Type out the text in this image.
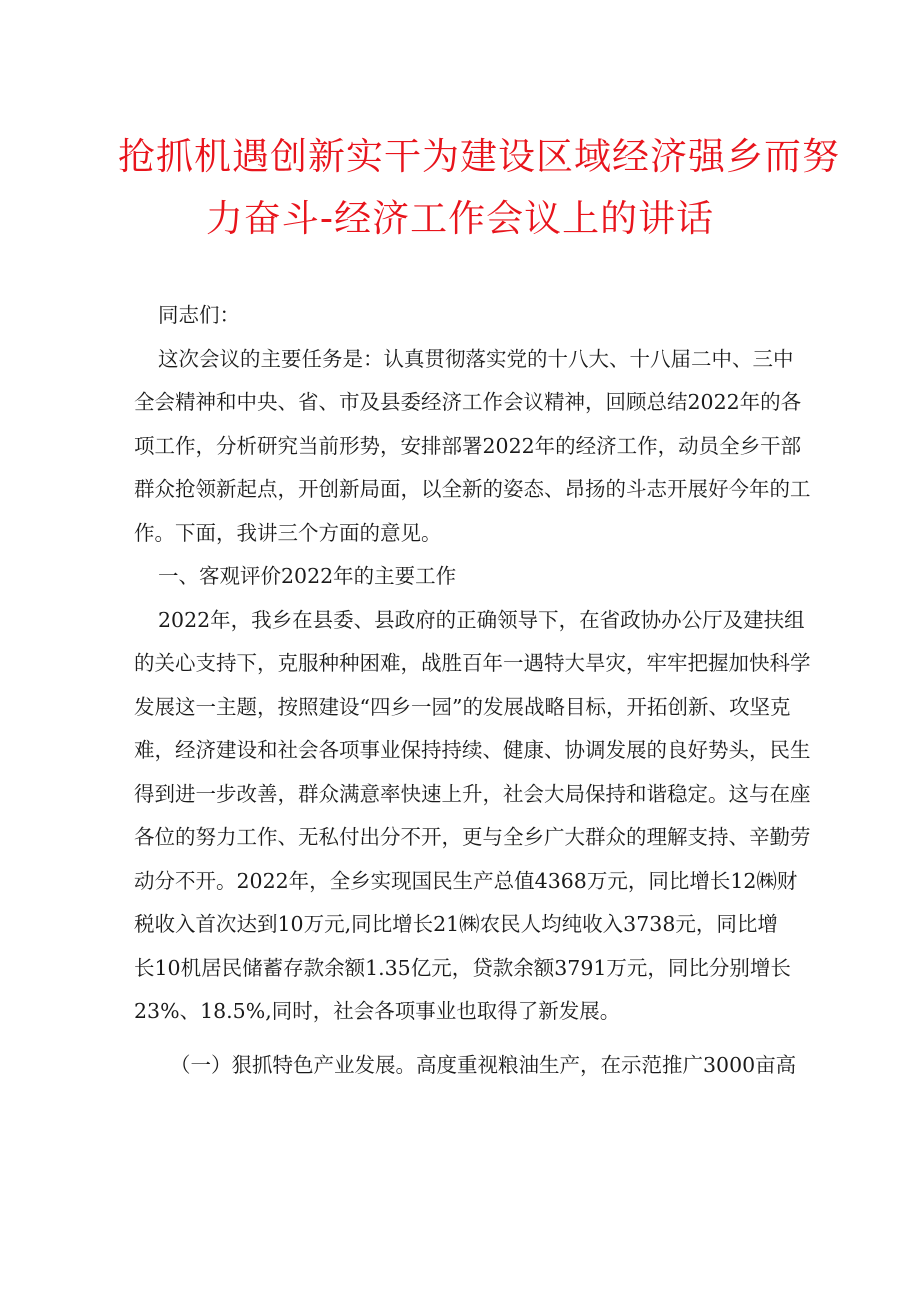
抢抓机遇创新实干为建设区域经济强乡而努
力奋斗-经济工作会议上的讲话

同志们：

这次会议的主要任务是：认真贯彻落实党的十八大、十八届二中、三中
全会精神和中央、省、市及县委经济工作会议精神，回顾总结2022年的各
项工作，分析研究当前形势，安排部署2022年的经济工作，动员全乡干部
群众抢领新起点，开创新局面，以全新的姿态、昂扬的斗志开展好今年的工
作。下面，我讲三个方面的意见。

一、客观评价2022年的主要工作

2022年，我乡在县委、县政府的正确领导下，在省政协办公厅及建扶组
的关心支持下，克服种种困难，战胜百年一遇特大旱灾，牢牢把握加快科学
发展这一主题，按照建设“四乡一园”的发展战略目标，开拓创新、攻坚克
难，经济建设和社会各项事业保持持续、健康、协调发展的良好势头，民生
得到进一步改善，群众满意率快速上升，社会大局保持和谐稳定。这与在座
各位的努力工作、无私付出分不开，更与全乡广大群众的理解支持、辛勤劳
动分不开。2022年，全乡实现国民生产总值4368万元，同比增长12㈱财
税收入首次达到10万元,同比增长21㈱农民人均纯收入3738元，同比增
长10机居民储蓄存款余额1.35亿元，贷款余额3791万元，同比分别增长
23%、18.5%,同时，社会各项事业也取得了新发展。

（一）狠抓特色产业发展。高度重视粮油生产，在示范推广3000亩高
